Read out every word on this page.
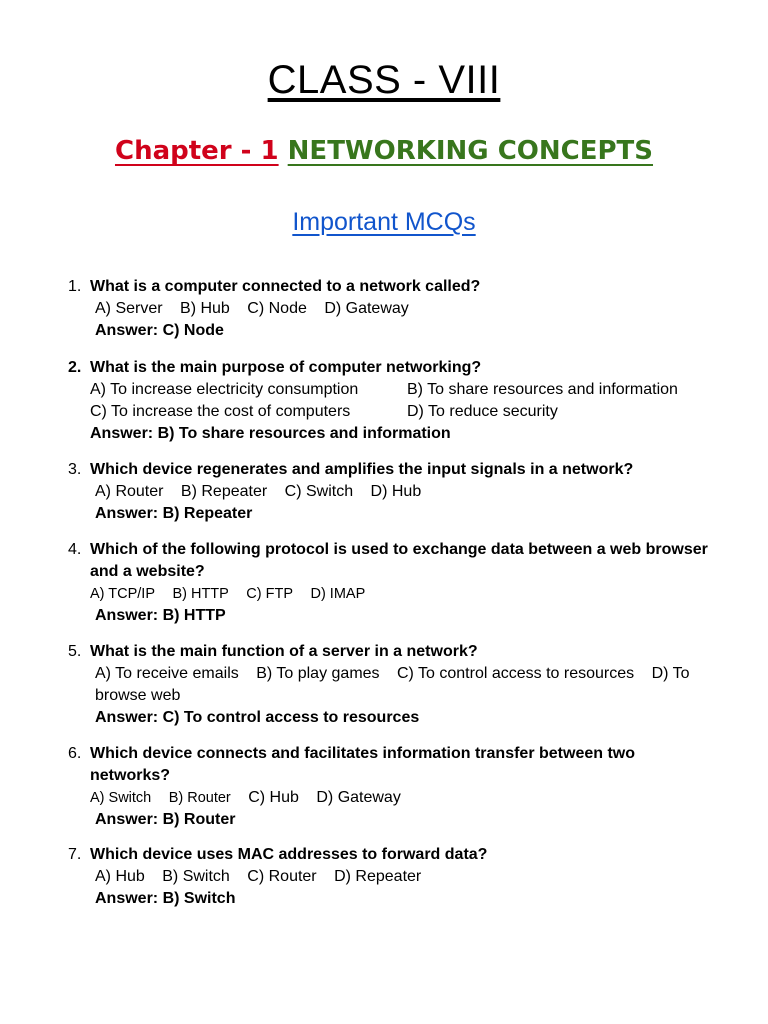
CLASS - VIII
Chapter - 1 NETWORKING CONCEPTS
Important MCQs
1. What is a computer connected to a network called?
A) Server B) Hub C) Node D) Gateway
Answer: C) Node
2. What is the main purpose of computer networking?
A) To increase electricity consumption	B) To share resources and information
C) To increase the cost of computers	D) To reduce security
Answer: B) To share resources and information
3. Which device regenerates and amplifies the input signals in a network?
A) Router B) Repeater C) Switch D) Hub
Answer: B) Repeater
4. Which of the following protocol is used to exchange data between a web browser and a website?
A) TCP/IP B) HTTP C) FTP D) IMAP
Answer: B) HTTP
5. What is the main function of a server in a network?
A) To receive emails B) To play games C) To control access to resources D) To browse web
Answer: C) To control access to resources
6. Which device connects and facilitates information transfer between two networks?
A) Switch B) Router C) Hub D) Gateway
Answer: B) Router
7. Which device uses MAC addresses to forward data?
A) Hub B) Switch C) Router D) Repeater
Answer: B) Switch
